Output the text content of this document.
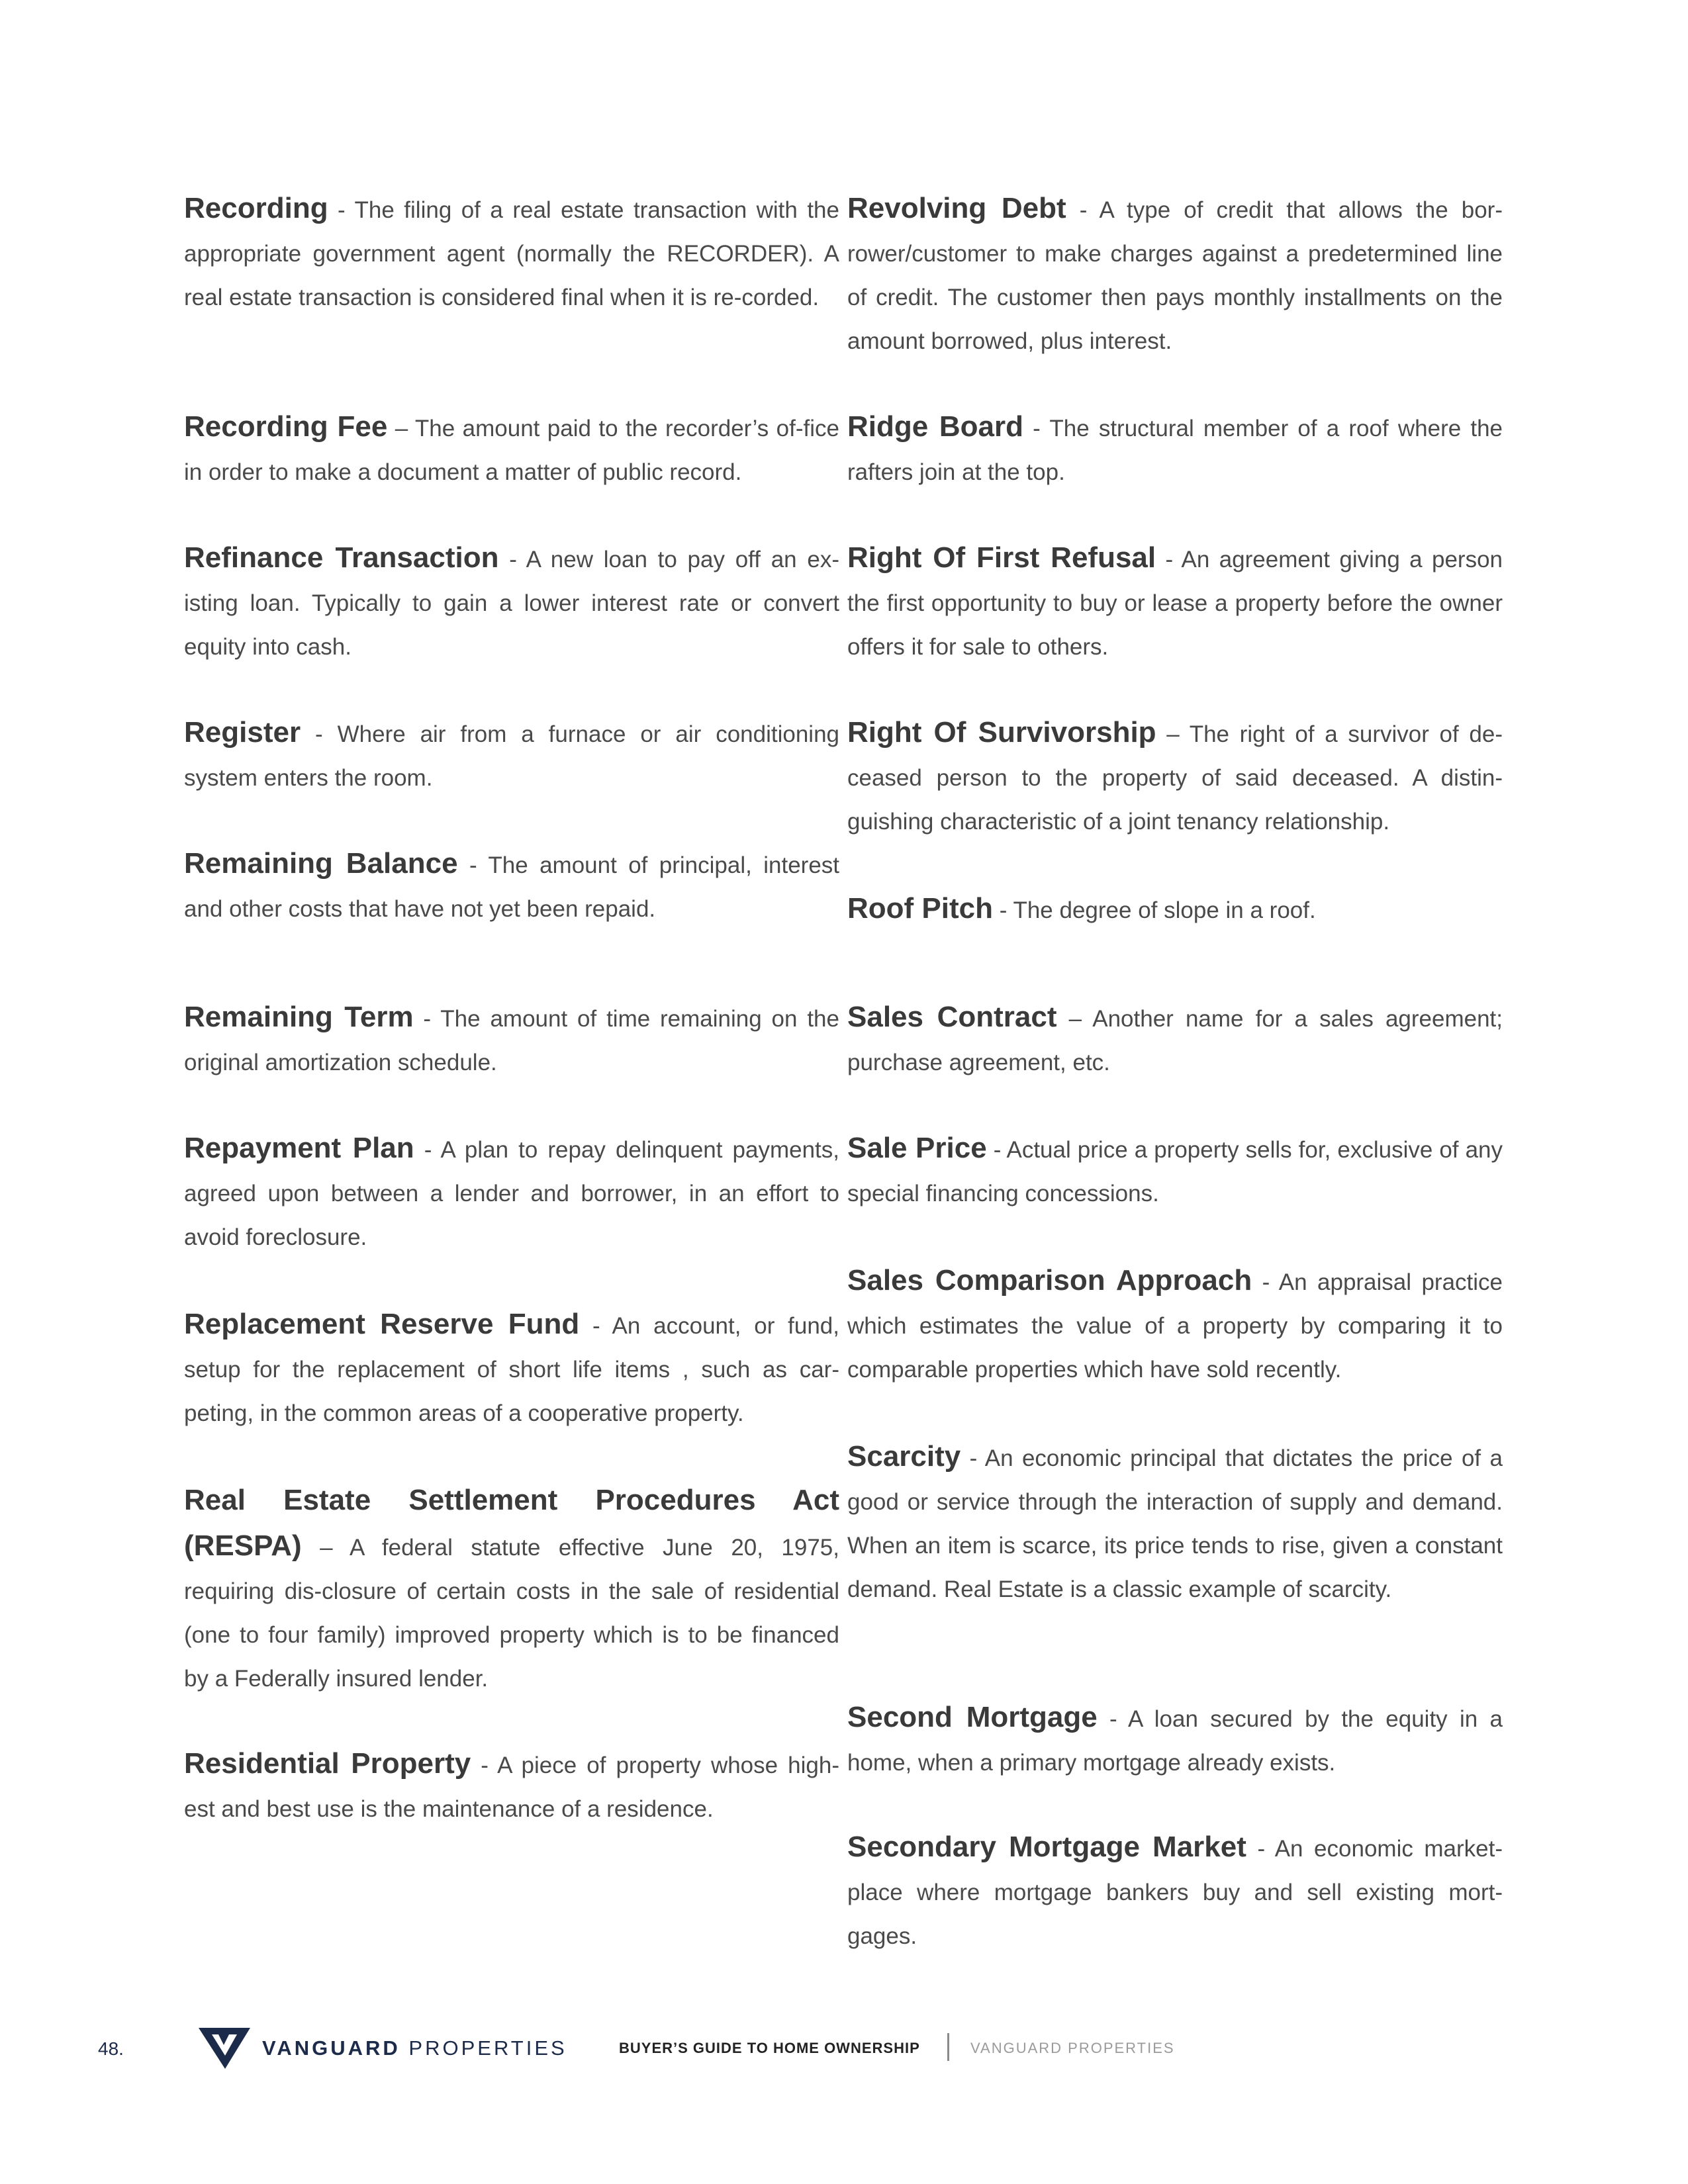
Recording - The filing of a real estate transaction with the appropriate government agent (normally the RECORDER). A real estate transaction is considered final when it is re-corded.

Recording Fee – The amount paid to the recorder’s of-fice in order to make a document a matter of public record.

Refinance Transaction - A new loan to pay off an ex-isting loan. Typically to gain a lower interest rate or convert equity into cash.

Register - Where air from a furnace or air conditioning system enters the room.

Remaining Balance - The amount of principal, interest and other costs that have not yet been repaid.

Remaining Term - The amount of time remaining on the original amortization schedule.

Repayment Plan - A plan to repay delinquent payments, agreed upon between a lender and borrower, in an effort to avoid foreclosure.

Replacement Reserve Fund - An account, or fund, setup for the replacement of short life items , such as car-peting, in the common areas of a cooperative property.

Real Estate Settlement Procedures Act (RESPA) – A federal statute effective June 20, 1975, requiring dis-closure of certain costs in the sale of residential (one to four family) improved property which is to be financed by a Federally insured lender.

Residential Property - A piece of property whose high-est and best use is the maintenance of a residence.

Revolving Debt - A type of credit that allows the bor-rower/customer to make charges against a predetermined line of credit. The customer then pays monthly installments on the amount borrowed, plus interest.

Ridge Board - The structural member of a roof where the rafters join at the top.

Right Of First Refusal - An agreement giving a person the first opportunity to buy or lease a property before the owner offers it for sale to others.

Right Of Survivorship – The right of a survivor of de-ceased person to the property of said deceased. A distin-guishing characteristic of a joint tenancy relationship.

Roof Pitch - The degree of slope in a roof.

Sales Contract – Another name for a sales agreement; purchase agreement, etc.

Sale Price - Actual price a property sells for, exclusive of any special financing concessions.

Sales Comparison Approach - An appraisal practice which estimates the value of a property by comparing it to comparable properties which have sold recently.

Scarcity - An economic principal that dictates the price of a good or service through the interaction of supply and demand. When an item is scarce, its price tends to rise, given a constant demand. Real Estate is a classic example of scarcity.

Second Mortgage - A loan secured by the equity in a home, when a primary mortgage already exists.

Secondary Mortgage Market - An economic market-place where mortgage bankers buy and sell existing mort-gages.

48.	VANGUARD PROPERTIES	BUYER’S GUIDE TO HOME OWNERSHIP	VANGUARD PROPERTIES
